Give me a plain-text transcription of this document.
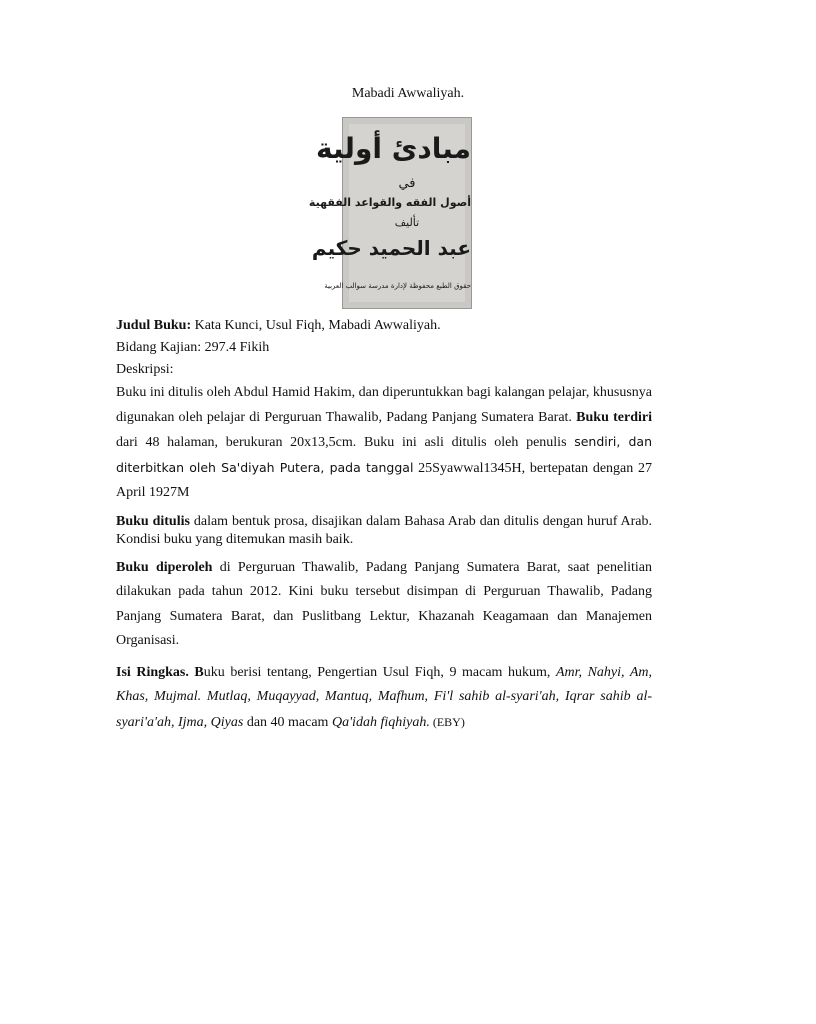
Mabadi Awwaliyah.
مبادئ أولية
في
أصول الفقه والقواعد الفقهية
تأليف
عبد الحميد حكيم
حقوق الطبع محفوظة لإدارة مدرسة سوالب العربية

Judul Buku: Kata Kunci, Usul Fiqh, Mabadi Awwaliyah.

Bidang Kajian: 297.4 Fikih

Deskripsi:

Buku ini ditulis oleh Abdul Hamid Hakim, dan diperuntukkan bagi kalangan pelajar, khususnya digunakan oleh pelajar di Perguruan Thawalib, Padang Panjang Sumatera Barat. Buku terdiri dari 48 halaman, berukuran 20x13,5cm. Buku ini asli ditulis oleh penulis sendiri, dan diterbitkan oleh Sa'diyah Putera, pada tanggal 25Syawwal1345H, bertepatan dengan 27 April 1927M

Buku ditulis dalam bentuk prosa, disajikan dalam Bahasa Arab dan ditulis dengan huruf Arab. Kondisi buku yang ditemukan masih baik.

Buku diperoleh di Perguruan Thawalib, Padang Panjang Sumatera Barat, saat penelitian dilakukan pada tahun 2012. Kini buku tersebut disimpan di Perguruan Thawalib, Padang Panjang Sumatera Barat, dan Puslitbang Lektur, Khazanah Keagamaan dan Manajemen Organisasi.

Isi Ringkas. Buku berisi tentang, Pengertian Usul Fiqh, 9 macam hukum, Amr, Nahyi, Am, Khas, Mujmal. Mutlaq, Muqayyad, Mantuq, Mafhum, Fi'l sahib al-syari'ah, Iqrar sahib al-syari'a'ah, Ijma, Qiyas dan 40 macam Qa'idah fiqhiyah. (EBY)
